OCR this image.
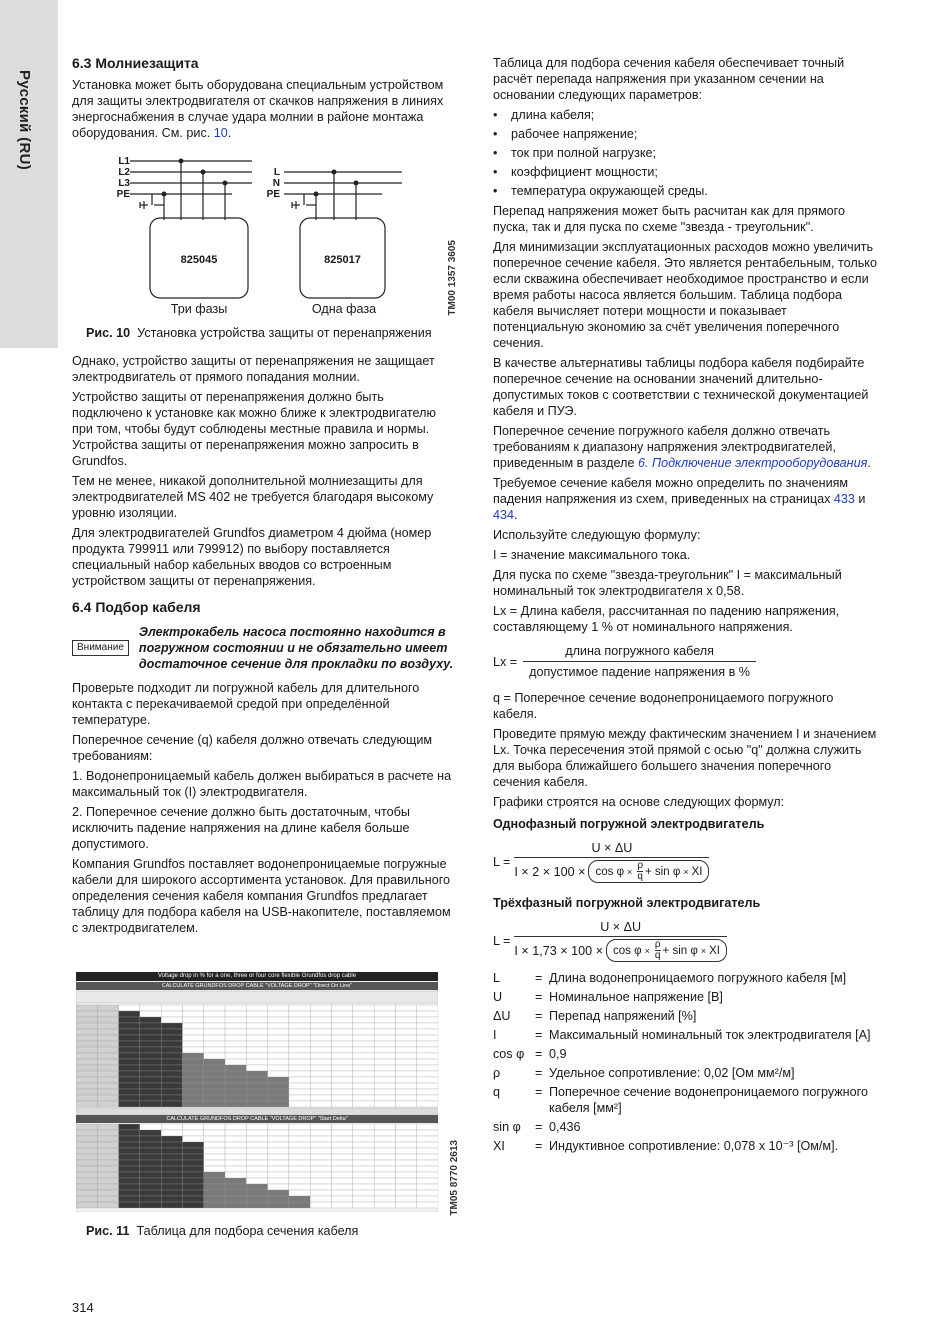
Русский (RU)
6.3 Молниезащита

Установка может быть оборудована специальным устройством для защиты электродвигателя от скачков напряжения в линиях энергоснабжения в случае удара молнии в районе монтажа оборудования. См. рис. 10.

L1
L2
L3
PE
L
N
PE
825045	825017
Три фазы	Одна фаза	TM00 1357 3605
Рис. 10 Установка устройства защиты от перенапряжения

Однако, устройство защиты от перенапряжения не защищает электродвигатель от прямого попадания молнии.

Устройство защиты от перенапряжения должно быть подключено к установке как можно ближе к электродвигателю при том, чтобы будут соблюдены местные правила и нормы. Устройства защиты от перенапряжения можно запросить в Grundfos.

Тем не менее, никакой дополнительной молниезащиты для электродвигателей MS 402 не требуется благодаря высокому уровню изоляции.

Для электродвигателей Grundfos диаметром 4 дюйма (номер продукта 799911 или 799912) по выбору поставляется специальный набор кабельных вводов со встроенным устройством защиты от перенапряжения.

6.4 Подбор кабеля
Внимание
Электрокабель насоса постоянно находится в погружном состоянии и не обязательно имеет достаточное сечение для прокладки по воздуху.

Проверьте подходит ли погружной кабель для длительного контакта с перекачиваемой средой при определённой температуре.

Поперечное сечение (q) кабеля должно отвечать следующим требованиям:

1. Водонепроницаемый кабель должен выбираться в расчете на максимальный ток (I) электродвигателя.

2. Поперечное сечение должно быть достаточным, чтобы исключить падение напряжения на длине кабеля больше допустимого.

Компания Grundfos поставляет водонепроницаемые погружные кабели для широкого ассортимента установок. Для правильного определения сечения кабеля компания Grundfos предлагает таблицу для подбора кабеля на USB-накопителе, поставляемом с электродвигателем.

Voltage drop in % for a one, three or four core flexible Grundfos drop cable
CALCULATE GRUNDFOS DROP CABLE "VOLTAGE DROP" "Direct On Line"
CALCULATE GRUNDFOS DROP CABLE "VOLTAGE DROP" "Start Delta"
TM05 8770 2613
Рис. 11 Таблица для подбора сечения кабеля

Таблица для подбора сечения кабеля обеспечивает точный расчёт перепада напряжения при указанном сечении на основании следующих параметров:

• длина кабеля;
• рабочее напряжение;
• ток при полной нагрузке;
• коэффициент мощности;
• температура окружающей среды.

Перепад напряжения может быть расчитан как для прямого пуска, так и для пуска по схеме "звезда - треугольник".

Для минимизации эксплуатационных расходов можно увеличить поперечное сечение кабеля. Это является рентабельным, только если скважина обеспечивает необходимое пространство и если время работы насоса является большим. Таблица подбора кабеля вычисляет потери мощности и показывает потенциальную экономию за счёт увеличения поперечного сечения.

В качестве альтернативы таблицы подбора кабеля подбирайте поперечное сечение на основании значений длительно-допустимых токов с соответствии с технической документацией кабеля и ПУЭ.

Поперечное сечение погружного кабеля должно отвечать требованиям к диапазону напряжения электродвигателей, приведенным в разделе 6. Подключение электрооборудования.

Требуемое сечение кабеля можно определить по значениям падения напряжения из схем, приведенных на страницах 433 и 434.

Используйте следующую формулу:

I = значение максимального тока.

Для пуска по схеме "звезда-треугольник" I = максимальный номинальный ток электродвигателя x 0,58.

Lx = Длина кабеля, рассчитанная по падению напряжения, составляющему 1 % от номинального напряжения.

$Lx = \frac{\text{длина погружного кабеля}}{\text{допустимое падение напряжения в \%}}$

q = Поперечное сечение водонепроницаемого погружного кабеля.

Проведите прямую между фактическим значением I и значением Lx. Точка пересечения этой прямой с осью "q" должна служить для выбора ближайшего большего значения поперечного сечения кабеля.

Графики строятся на основе следующих формул:

Однофазный погружной электродвигатель
L =
U × ΔU
I × 2 × 100 × cos
$\varphi \times \frac{\rho}{q} + \sin$
φ × XI
Трёхфазный погружной электродвигатель
L =
U × ΔU
I × 1,73 × 100 × cos
$\varphi \times \frac{\rho}{q} + \sin$
φ × XI
L	=	Длина водонепроницаемого погружного кабеля [м]
U	=	Номинальное напряжение [В]
ΔU	=	Перепад напряжений [%]
I	=	Максимальный номинальный ток электродвигателя [A]
cos φ	=	0,9
ρ	=	Удельное сопротивление: 0,02 [Ом мм²/м]
q	=	Поперечное сечение водонепроницаемого погружного кабеля [мм²]
sin φ	=	0,436
XI	=	Индуктивное сопротивление: 0,078 x 10⁻³ [Ом/м].
314
